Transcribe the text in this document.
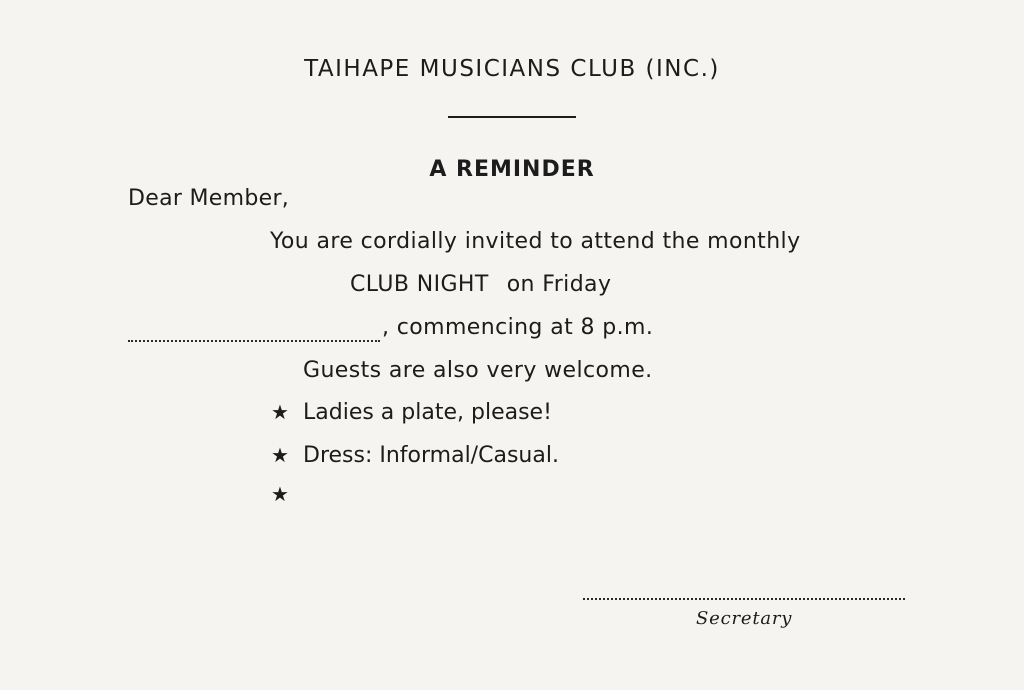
TAIHAPE MUSICIANS CLUB (INC.)
A REMINDER
Dear Member,
You are cordially invited to attend the monthly
CLUB NIGHT on Friday
, commencing at 8 p.m.
Guests are also very welcome.
★ Ladies a plate, please!
★ Dress: Informal/Casual.
★
Secretary
